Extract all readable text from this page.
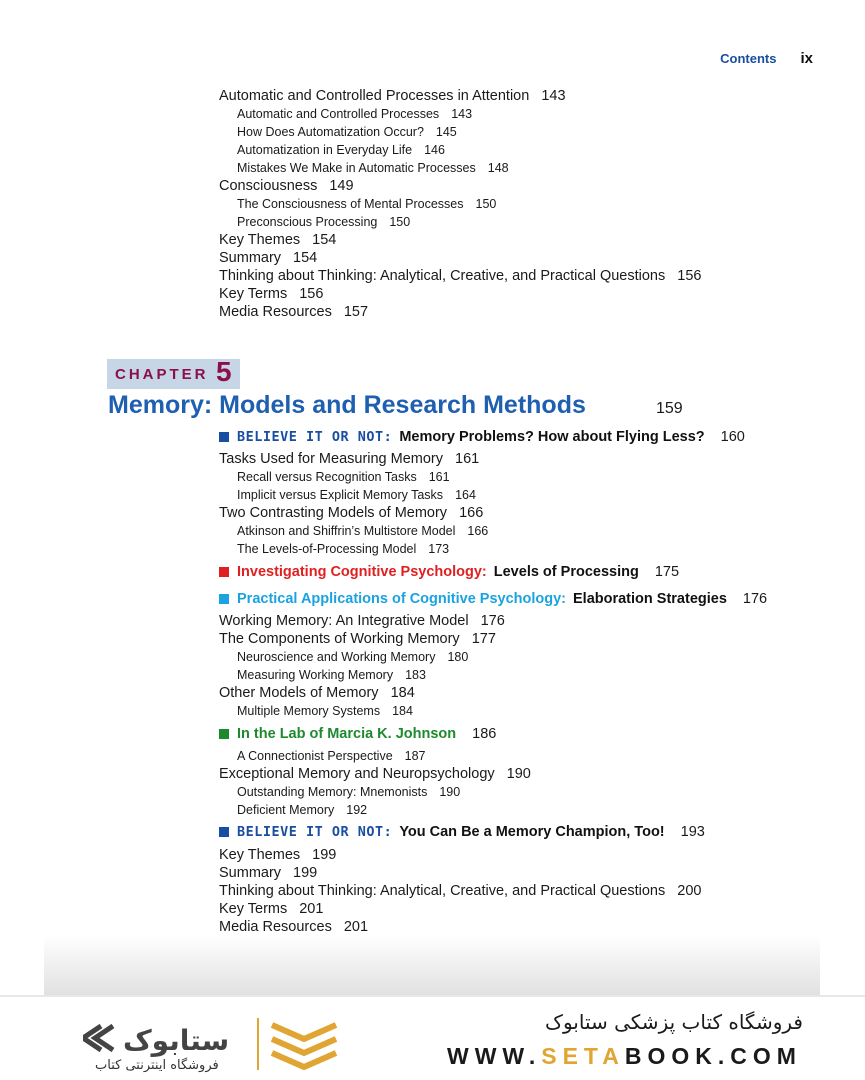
Contents ix
Automatic and Controlled Processes in Attention 143
Automatic and Controlled Processes 143
How Does Automatization Occur? 145
Automatization in Everyday Life 146
Mistakes We Make in Automatic Processes 148
Consciousness 149
The Consciousness of Mental Processes 150
Preconscious Processing 150
Key Themes 154
Summary 154
Thinking about Thinking: Analytical, Creative, and Practical Questions 156
Key Terms 156
Media Resources 157
CHAPTER 5
Memory: Models and Research Methods	159
BELIEVE IT OR NOT: Memory Problems? How about Flying Less? 160
Tasks Used for Measuring Memory 161
Recall versus Recognition Tasks 161
Implicit versus Explicit Memory Tasks 164
Two Contrasting Models of Memory 166
Atkinson and Shiffrin’s Multistore Model 166
The Levels-of-Processing Model 173
Investigating Cognitive Psychology: Levels of Processing 175
Practical Applications of Cognitive Psychology: Elaboration Strategies 176
Working Memory: An Integrative Model 176
The Components of Working Memory 177
Neuroscience and Working Memory 180
Measuring Working Memory 183
Other Models of Memory 184
Multiple Memory Systems 184
In the Lab of Marcia K. Johnson 186
A Connectionist Perspective 187
Exceptional Memory and Neuropsychology 190
Outstanding Memory: Mnemonists 190
Deficient Memory 192
BELIEVE IT OR NOT: You Can Be a Memory Champion, Too! 193
Key Themes 199
Summary 199
Thinking about Thinking: Analytical, Creative, and Practical Questions 200
Key Terms 201
Media Resources 201
ستابوک
فروشگاه اینترنتی کتاب
فروشگاه کتاب پزشکی ستابوک
WWW.SETABOOK.COM
